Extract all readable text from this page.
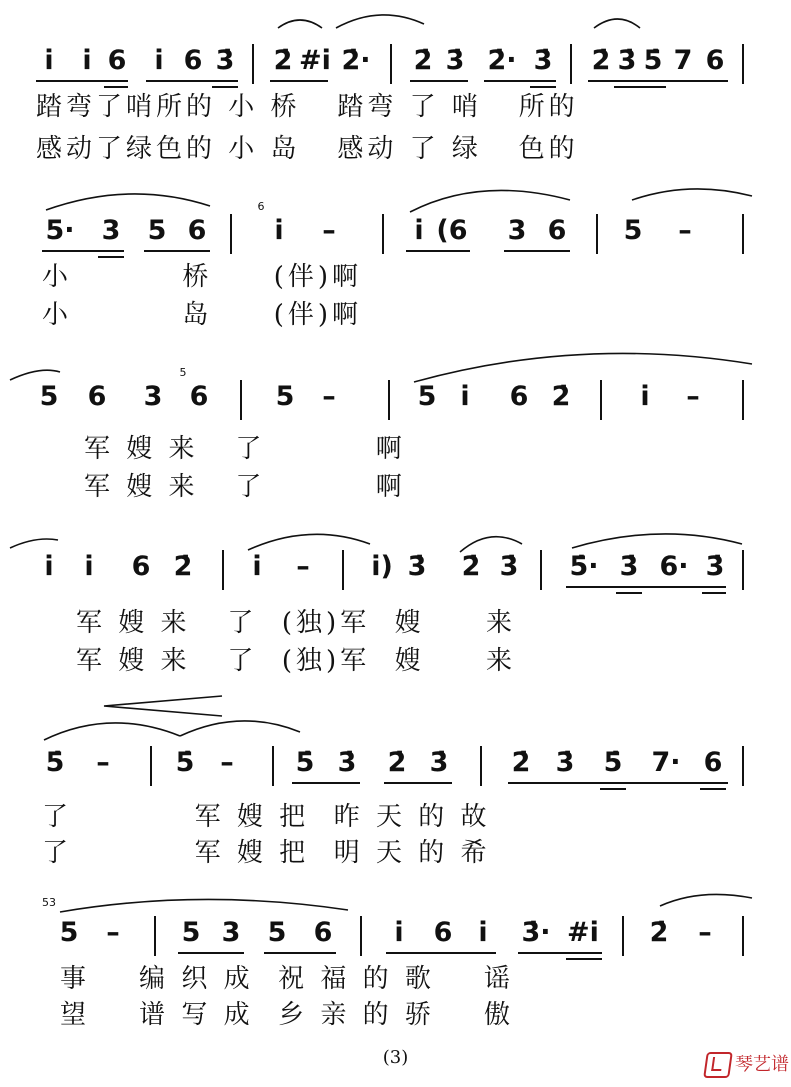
i	i 6	i 6 3̇ 2̇ #i 2̇· 2̇ 3̇ 2̇· 3̇ 2̇ 3̇ 5̇ 7 6
踏弯了哨所的 小 桥   踏弯 了 哨   所的
感动了绿色的 小 岛   感动 了 绿   色的
5· 3 5 6
6
i	–	i (6 3 6 5 –
小         桥     (伴)啊
小         岛     (伴)啊
5 6 3
5
6 5 –	5 i	6 2̇	i	–
军 嫂 来   了         啊
军 嫂 来   了         啊
i	i	6 2̇	i	– i) 3̇ 2̇ 3̇ 5̇· 3̇ 6· 3̇
军 嫂 来   了  (独)军  嫂     来
军 嫂 来   了  (独)军  嫂     来
5̇ – 5̇ – 5̇ 3̇ 2̇ 3̇ 2̇ 3̇ 5̇ 7· 6
了          军 嫂 把  昨 天 的 故
了          军 嫂 把  明 天 的 希
53
5 – 5 3 5 6	i	6 i	3̇· #i 2̇ –
事    编 织 成  祝 福 的 歌    谣
望    谱 写 成  乡 亲 的 骄    傲
(3)	琴艺谱
